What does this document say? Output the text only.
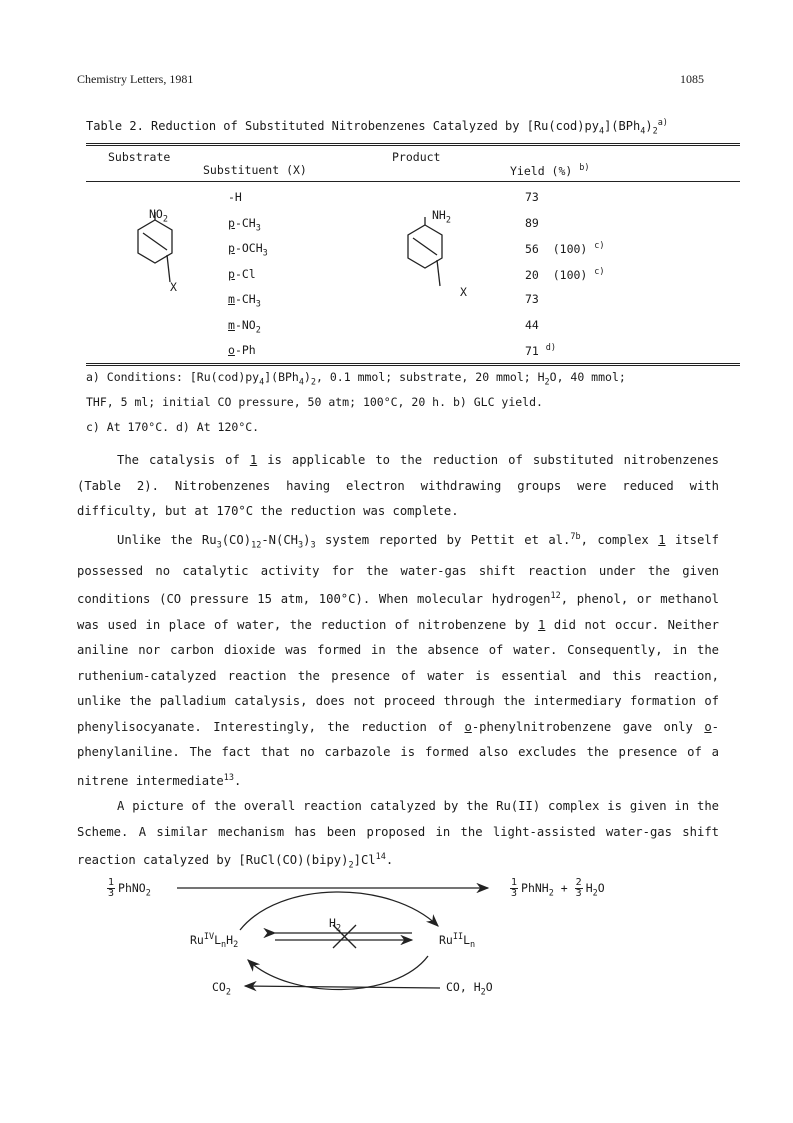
Chemistry Letters, 1981	1085
Table 2. Reduction of Substituted Nitrobenzenes Catalyzed by $[Ru(cod)py_4](BPh_4)_2^{a)}$
Substrate
Substituent (X)
Product
Yield (%) $^{b)}$
$NO_2$
X
$NH_2$
X
-H	73
$p-CH_3$	89
$p-OCH_3$	56 (100) $^{c)}$
p-Cl	20 (100) $^{c)}$
$m-CH_3$	73
$m-NO_2$	44
o-Ph	71 $^{d)}$
a) Conditions: $[Ru(cod)py_4](BPh_4)_2$, 0.1 mmol; substrate, 20 mmol; $H_2O$, 40 mmol;
THF, 5 ml; initial CO pressure, 50 atm; 100°C, 20 h. b) GLC yield.
c) At 170°C. d) At 120°C.

The catalysis of 1 is applicable to the reduction of substituted nitrobenzenes (Table 2). Nitrobenzenes having electron withdrawing groups were reduced with difficulty, but at 170°C the reduction was complete.

Unlike the $Ru_3(CO)_{12}-N(CH_3)_3$ system reported by Pettit et al.$^{7b}$, complex 1 itself possessed no catalytic activity for the water-gas shift reaction under the given conditions (CO pressure 15 atm, 100°C). When molecular hydrogen$^{12}$, phenol, or methanol was used in place of water, the reduction of nitrobenzene by 1 did not occur. Neither aniline nor carbon dioxide was formed in the absence of water. Consequently, in the ruthenium-catalyzed reaction the presence of water is essential and this reaction, unlike the palladium catalysis, does not proceed through the intermediary formation of phenylisocyanate. Interestingly, the reduction of o-phenylnitrobenzene gave only o-phenylaniline. The fact that no carbazole is formed also excludes the presence of a nitrene intermediate$^{13}$.

A picture of the overall reaction catalyzed by the Ru(II) complex is given in the Scheme. A similar mechanism has been proposed in the light-assisted water-gas shift reaction catalyzed by $[RuCl(CO)(bipy)_2]Cl^{14}$.

$\frac{1}{3}$ PhNO$_2$	$\frac{1}{3}$ PhNH$_2$ + $\frac{2}{3} H_2O$
$H_2$
$Ru^{IV}L_nH_2$	$Ru^{II}L_n$
$CO_2$	CO, $H_2O$
